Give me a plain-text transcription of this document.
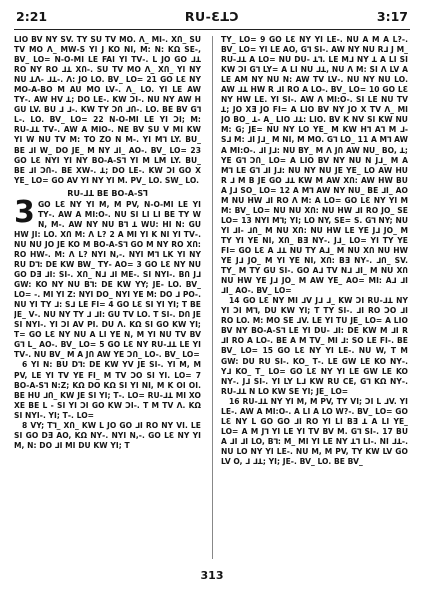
2:21	RU-ƐꓕƆ	3:17

LIO BV NY SV. TY SU TV MO. Λ_ MI‑. XՈ_ SU TV MO Λ_ MW‑S YI J KO NI, M: N: KΩ SE‑, BV_ LO= N‑O‑MI LE FAI YI TV‑. L JO GO ⅃ꓕ RO NY RO ⅃ꓕ XՈ‑. SU TV MO Λ_ XՈ_ YI NY NU ꓕΛ‑ ⅃ꓕ‑. Ʌ: JO LO. BV_ LO= 21 GO LƐ NY MO‑A‑BO M AU MO LV‑. Λ_ LO. YI LE AW TY‑. AW HV ꓕ; DO LE‑. KW ƆI‑. NU NY AW H GU LV. BU ⅃ ⅃‑. KW TY ƆՈ ⅃Ո‑. LO. BE BV G⅂ L‑. LO. BV_ LO= 22 N‑O‑MI LE YI ƆI; M: RU‑⅃ꓕ TV‑. AW A MIO‑. NE BV SU V MI KW YI W NU TV M: TO ZO N M‑. YI M⅂ LY. BU_ BE ⅃I W_ DO JE_ M NY ⅃I_ AO‑. BV_ LO= 23 GO LƐ NYI YI NY BO‑A‑S⅂ YI M LM LY. BU_ BE ⅃I ƆՈ‑. BE XW‑. ꓕ; DO LE‑. KW ƆI GO X YE_ LO= GO AV YI NY YI M. PV_ LO. SW_ LO.

RU‑⅃ꓕ BE BO‑A‑S⅂

3 GO LƐ NY YI M, M PV, N‑O‑MI LE YI TY‑. AW A MI:O‑. NU SI LI LI BE TY W N, M‑. AW NY NU B⅂ ꓕ WU: HI N: GU HW JI: LO. XՈ M: Λ L? 2 A MI YI K NI YI TV‑. NU NU JO JE KO M BO‑A‑S⅂ GO M NY RO XՈ: RO HW‑. M: Λ L? NYI N,‑. NYI M⅂ LK YI NY RU D⅂: DE KW BW_ TY‑ AO= 3 GO LƐ NY NU GO DƎ ⅃I: SI‑. XՈ_ N⅃ ⅃I ME‑. SI NYI‑. BՈ J⅃ GW: KO NY NU B⅂: DE KW YY; JE‑ LO. BV_ LO= ‑. MI YI Z: NYI DO_ NYI YE M: DO ⅃ PO‑. NU YI TY ⅃: S⅃ LE FI= 4 GO LƐ SI YI YI; T BE JE_ V‑. NU NY TY ⅃ ⅃I: GU TV LO. T SI‑. DՈ JE SI NYI‑. YI ƆI AV PI. DU Λ. KΩ SI GO KW YI; T= GO LƐ NY NU A LI YE N, M YI NU TV BV G⅂ L_ AO‑. BV_ LO= 5 GO LƐ NY RU‑⅃ꓕ LE YI TV‑. NU BV_ M A JՈ AW YE ƆՈ_ LO‑. BV_ LO=

6 YI N: BU D⅂: DE KW YV JE SI‑. YI M, M PV, LE YI TV YE FI_ M TV ƆO SI YI. LO= 7 BO‑A‑S⅂ N:Z; KΩ DO KΩ SI YI NI, M K OI OI. BE HU ⅃Ո_ KW JE SI YI; T‑. LO= RU‑⅃ꓕ MI XO XE BE L ‑ SI YI ƆI GO KW ƆI‑. T M TV Λ. KΩ SI NYI‑. YI; T‑. LO=

8 VY; T⅂_ XՈ_ KW L JO GO ⅃I RO NY VI. LE SI GO DƎ AO, KΩ NY‑. NYI N,‑. GO LƐ NY YI M, N: DO ⅃I MI DU KW YI; T

TY_ LO= 9 GO LƐ NY YI LE‑. NU A M A L?‑. BV_ LO= YI LE AO, G⅂ SI‑. AW NY NU R⅃ J M_ RU‑⅃ꓕ A LO= NU DU‑ ꓕ⅂. LE M⅃ NY ꓕ A LI SI KW ƆI G⅂ LY= A LI NU ⅃ꓕ, NU Ʌ M: SI Ʌ LV A LE AM NY NU N: AW TV LV‑. NU NY NU LO. AW ⅃ꓕ HW R ⅃I RO A LO‑. BV_ LO= 10 GO LƐ NY HW LE. YI SI‑. AW Λ MI:O‑. SI LE NU TV ꓕ; JO XƎ JO FI= A LIO BV NY JO X TV Λ_ MI JO BO_ ꓕ‑ A_ LIO ⅃ꓕ: LIO. BV K NV SI KW NU M: G; JE= NU NY LO YE_ M KW H⅂ A⅂ M ⅃‑ S⅃ M: ⅃I J⅃_ M NI, M MO. G⅂ LO_ 11 A M⅂ AW A MI:O‑. ⅃I J⅃: NU BY_ M Λ JՈ AW NU_ BO, ꓕ; YE G⅂ ƆՈ_ LO= A LIO BV NY NU N J⅃_ M A M⅂ LE G⅂ ⅃I J⅃: NU NY NU JE YE_ LO AW HU R ⅃ M B JE GO ⅃ꓕ KW M AW XՈ: AW HW BU A J⅃ SO_ LO= 12 A M⅂ AW NY NU_ BE ⅃I_ AO M NU HW ⅃I RO Λ M: A LO= GO LƐ NY YI M M: BV_ LO= NU NU XՈ: NU HW ⅃I RO JO_ SE LO= 13 NYI M⅂; YI; LO NY, SE= S. G⅂ NY; NU YI ⅃I‑ ⅃Ո_ M NU XՈ: NU HW LE YE J⅃ JO_ M TY YI YE NI, XՈ_ BƎ NY‑. J⅃_ LO= YI TY YE FI= GO LƐ A ⅃ꓕ NU TY A⅃_ M NU XՈ NU HW YE J⅃ JO_ M YI YE NI, XՈ: BƎ NY‑. ⅃Ո_ SV. TY_ M TY GU SI‑. GO A⅃ TV N⅃ ⅃I_ M NU XՈ NU HW YE J⅃ JO_ M AW YE_ AO= MI: A⅃ ⅃I ⅃I_ AO‑. BV_ LO=

14 GO LƐ NY MI ⅃V J⅃ ⅃_ KW ƆI RU‑⅃ꓕ NY YI ƆI M⅂, DU KW YI; T TY SI‑. ⅃I RO ƆO ⅃I RO LO. M: MO SE ⅃V. LE YI TU JE_ LO= A LIO BV NY BO‑A‑S⅂ LE YI DU‑ ⅃I: DE KW M ⅃I R ⅃I RO A LO‑. BE A M TV_ MI ⅃: SO LE FI‑. BE BV_ LO= 15 GO LƐ NY YI LE‑. NU W, T M GW: DU RU SI‑. KO_ T‑. LE GW LE KO NY‑. Y⅃ KO_ T_ LO= GO LƐ NY YI LE GW LE KO NY‑. J⅃ SI‑. YI LY L⅃ KW RU CE, G⅂ KΩ NY‑. RU‑⅃ꓕ N LO KW SE YI; JE_ LO=

16 RU‑⅃ꓕ NY YI M, M PV, TY VI; ƆI L ⅃V. YI LE‑. AW A MI:O‑. A LI A LO W?‑. BV_ LO= GO LƐ NY L GO GO ⅃I RO YI LI BƎ ꓕ A LI YE_ LO= A M J⅂ YI LE YI TV BV M. G⅂ SI‑. 17 BU A ⅃I ⅃I LO, B⅂: M_ MI YI LE NY ꓕ⅂ LI‑. NI ⅃ꓕ‑. NU LO NY YI LE‑. NU M, M PV, TY KW LV GO LV O, ⅃ ⅃ꓕ; YI; JE‑. BV_ LO. BE BV_

313
